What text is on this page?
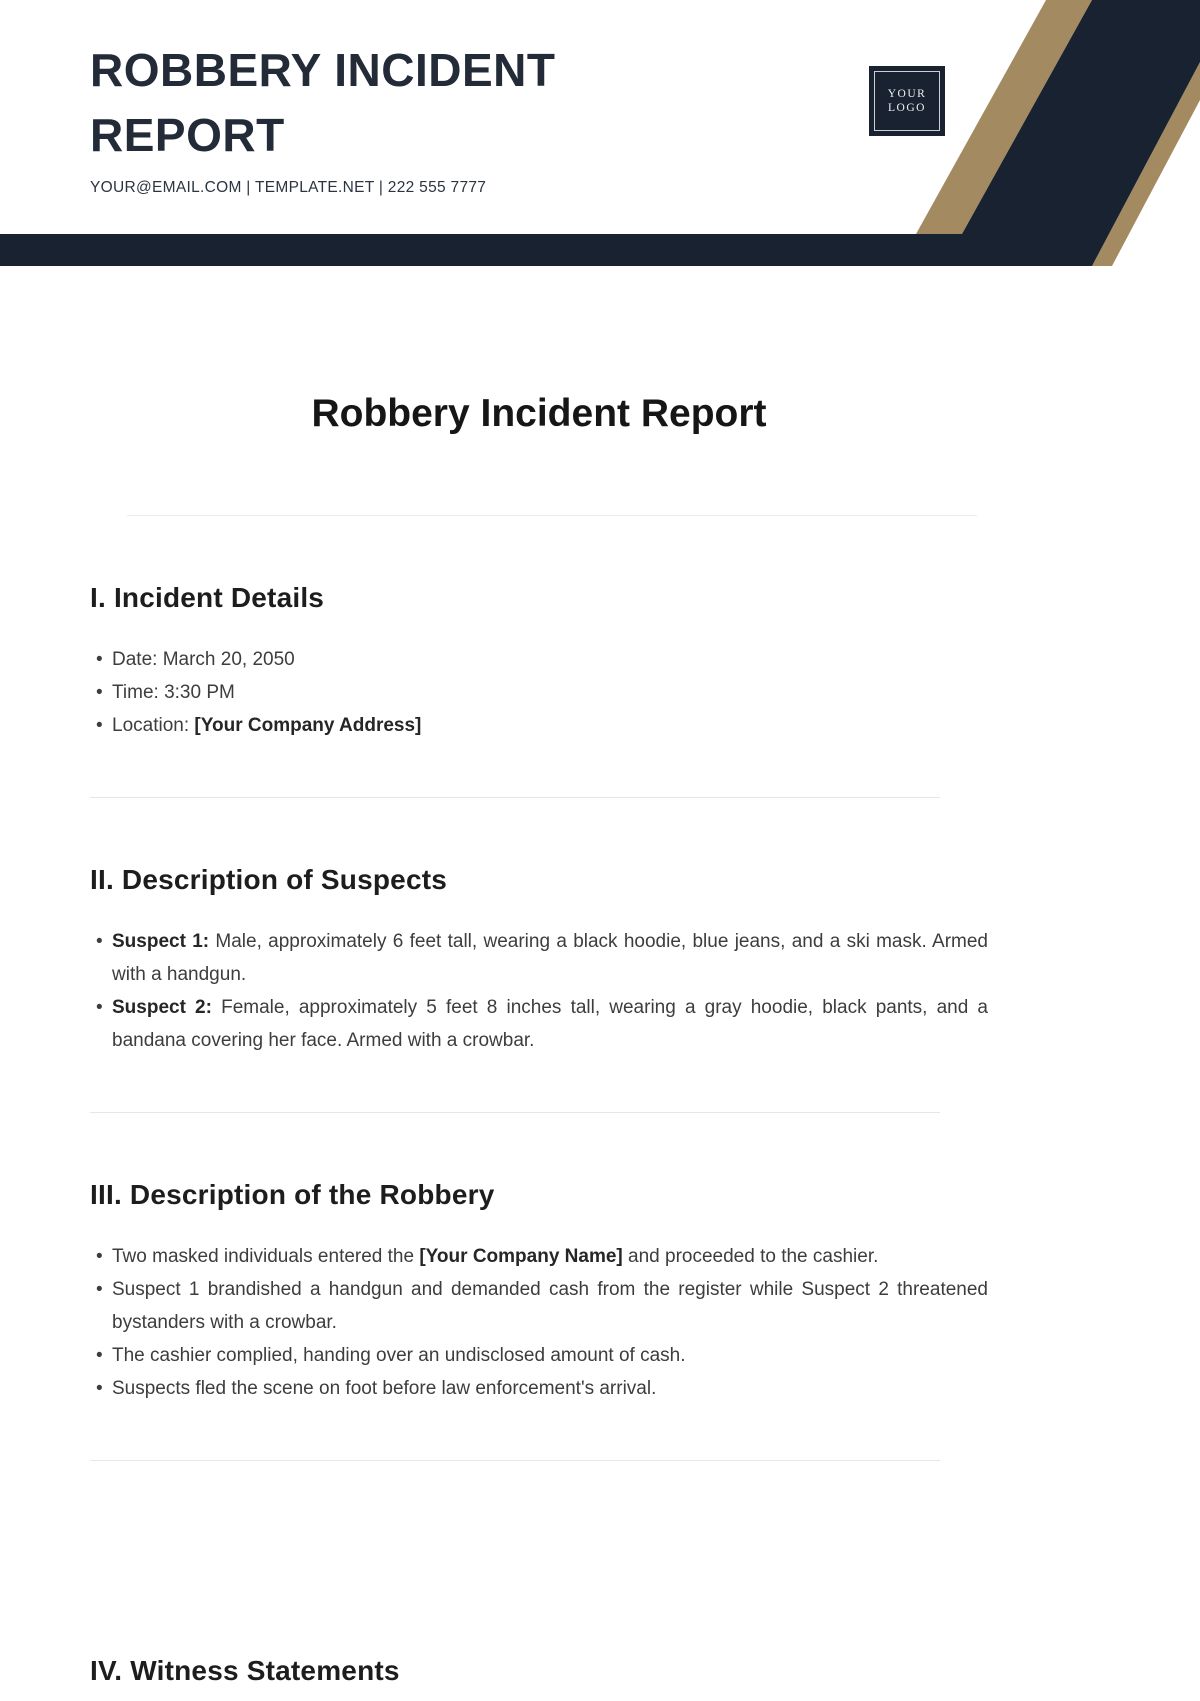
ROBBERY INCIDENT
REPORT
YOUR@EMAIL.COM | TEMPLATE.NET | 222 555 7777
YOUR
LOGO
Robbery Incident Report
I. Incident Details
• Date: March 20, 2050
• Time: 3:30 PM
• Location: [Your Company Address]
II. Description of Suspects
• Suspect 1: Male, approximately 6 feet tall, wearing a black hoodie, blue jeans, and a ski mask. Armed with a handgun.
• Suspect 2: Female, approximately 5 feet 8 inches tall, wearing a gray hoodie, black pants, and a bandana covering her face. Armed with a crowbar.
III. Description of the Robbery
• Two masked individuals entered the [Your Company Name] and proceeded to the cashier.
• Suspect 1 brandished a handgun and demanded cash from the register while Suspect 2 threatened bystanders with a crowbar.
• The cashier complied, handing over an undisclosed amount of cash.
• Suspects fled the scene on foot before law enforcement's arrival.
IV. Witness Statements
